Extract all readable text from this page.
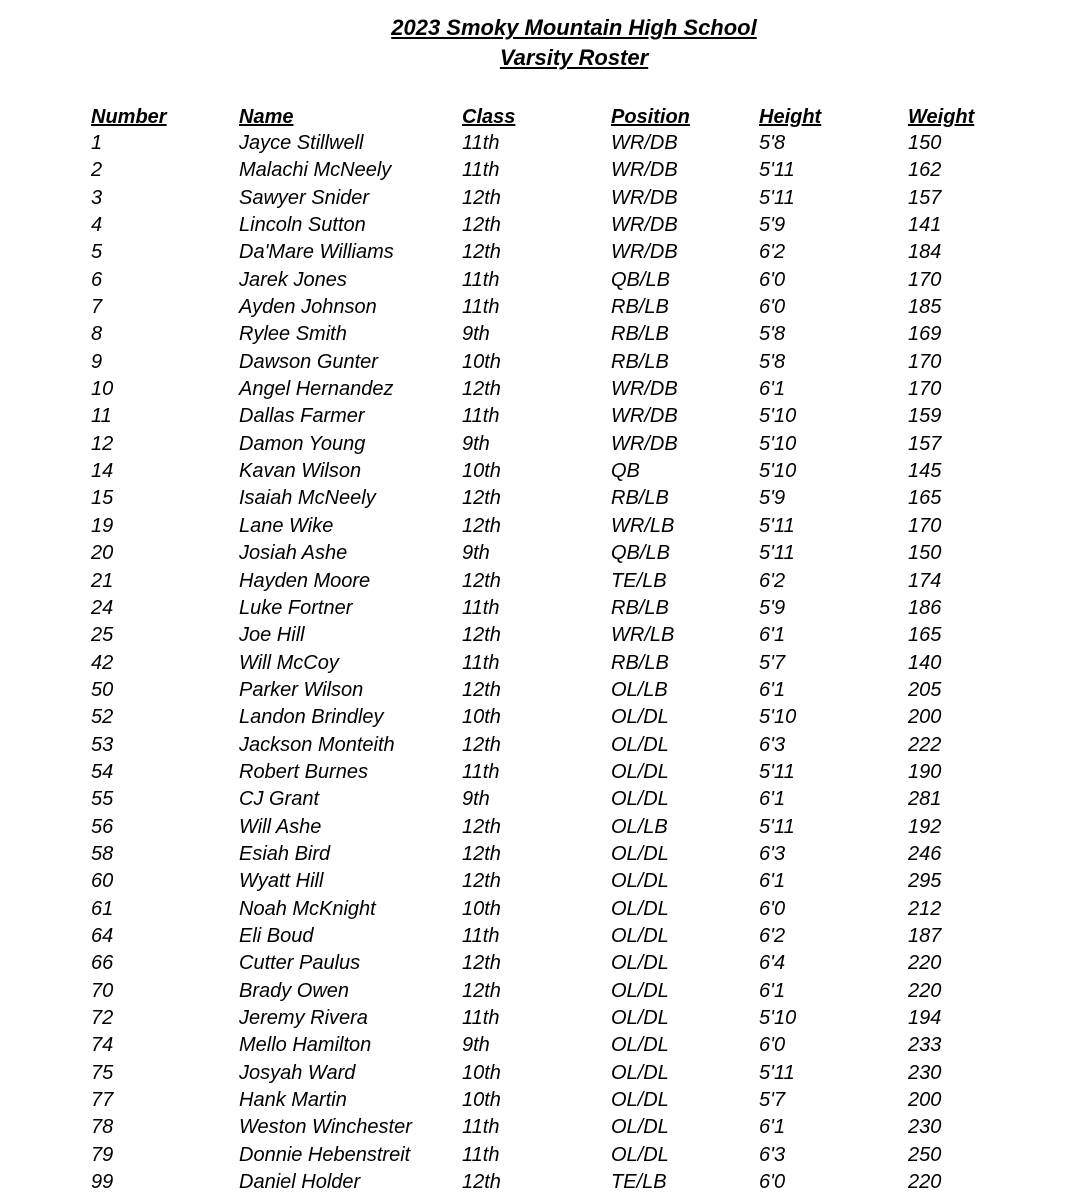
2023 Smoky Mountain High School
Varsity Roster
Number	Name	Class	Position	Height	Weight
1	Jayce Stillwell	11th	WR/DB	5'8	150
2	Malachi McNeely	11th	WR/DB	5'11	162
3	Sawyer Snider	12th	WR/DB	5'11	157
4	Lincoln Sutton	12th	WR/DB	5'9	141
5	Da'Mare Williams	12th	WR/DB	6'2	184
6	Jarek Jones	11th	QB/LB	6'0	170
7	Ayden Johnson	11th	RB/LB	6'0	185
8	Rylee Smith	9th	RB/LB	5'8	169
9	Dawson Gunter	10th	RB/LB	5'8	170
10	Angel Hernandez	12th	WR/DB	6'1	170
11	Dallas Farmer	11th	WR/DB	5'10	159
12	Damon Young	9th	WR/DB	5'10	157
14	Kavan Wilson	10th	QB	5'10	145
15	Isaiah McNeely	12th	RB/LB	5'9	165
19	Lane Wike	12th	WR/LB	5'11	170
20	Josiah Ashe	9th	QB/LB	5'11	150
21	Hayden Moore	12th	TE/LB	6'2	174
24	Luke Fortner	11th	RB/LB	5'9	186
25	Joe Hill	12th	WR/LB	6'1	165
42	Will McCoy	11th	RB/LB	5'7	140
50	Parker Wilson	12th	OL/LB	6'1	205
52	Landon Brindley	10th	OL/DL	5'10	200
53	Jackson Monteith	12th	OL/DL	6'3	222
54	Robert Burnes	11th	OL/DL	5'11	190
55	CJ Grant	9th	OL/DL	6'1	281
56	Will Ashe	12th	OL/LB	5'11	192
58	Esiah Bird	12th	OL/DL	6'3	246
60	Wyatt Hill	12th	OL/DL	6'1	295
61	Noah McKnight	10th	OL/DL	6'0	212
64	Eli Boud	11th	OL/DL	6'2	187
66	Cutter Paulus	12th	OL/DL	6'4	220
70	Brady Owen	12th	OL/DL	6'1	220
72	Jeremy Rivera	11th	OL/DL	5'10	194
74	Mello Hamilton	9th	OL/DL	6'0	233
75	Josyah Ward	10th	OL/DL	5'11	230
77	Hank Martin	10th	OL/DL	5'7	200
78	Weston Winchester	11th	OL/DL	6'1	230
79	Donnie Hebenstreit	11th	OL/DL	6'3	250
99	Daniel Holder	12th	TE/LB	6'0	220
